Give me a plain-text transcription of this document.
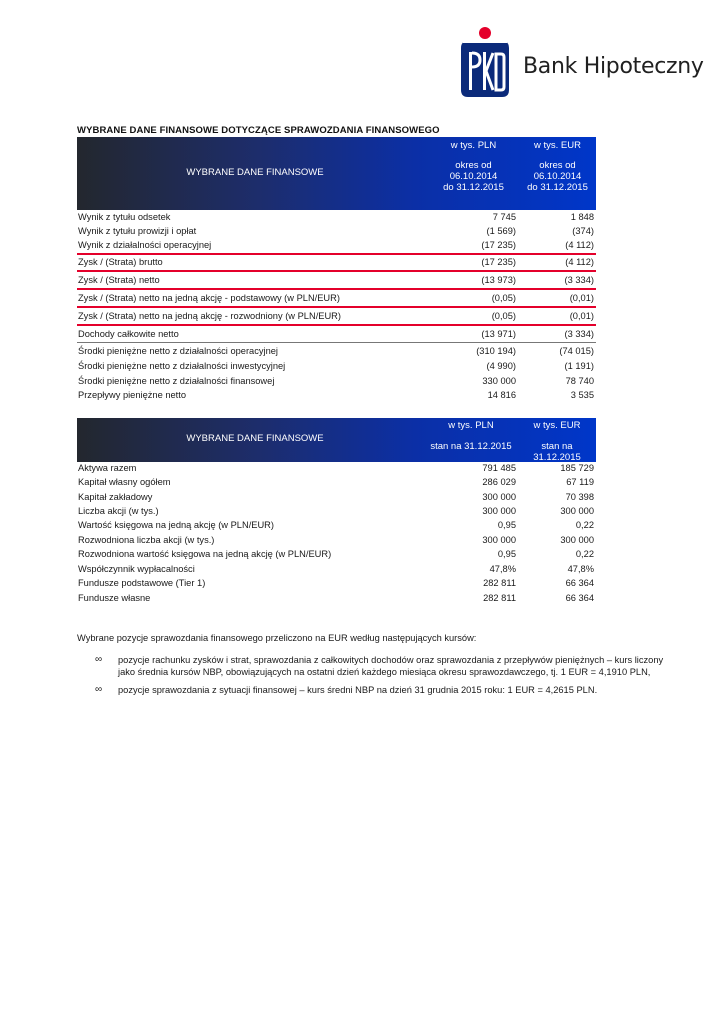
Bank Hipoteczny
WYBRANE DANE FINANSOWE DOTYCZĄCE SPRAWOZDANIA FINANSOWEGO
WYBRANE DANE FINANSOWE
w tys. PLN
okres od
06.10.2014
do 31.12.2015
w tys. EUR
okres od
06.10.2014
do 31.12.2015
Wynik z tytułu odsetek	7 745	1 848
Wynik z tytułu prowizji i opłat	(1 569)	(374)
Wynik z działalności operacyjnej	(17 235)	(4 112)
Zysk / (Strata) brutto	(17 235)	(4 112)
Zysk / (Strata) netto	(13 973)	(3 334)
Zysk / (Strata) netto na jedną akcję - podstawowy (w PLN/EUR)	(0,05)	(0,01)
Zysk / (Strata) netto na jedną akcję - rozwodniony (w PLN/EUR)	(0,05)	(0,01)
Dochody całkowite netto	(13 971)	(3 334)
Środki pieniężne netto z działalności operacyjnej	(310 194)	(74 015)
Środki pieniężne netto z działalności inwestycyjnej	(4 990)	(1 191)
Środki pieniężne netto z działalności finansowej	330 000	78 740
Przepływy pieniężne netto	14 816	3 535
WYBRANE DANE FINANSOWE
w tys. PLN
stan na 31.12.2015
w tys. EUR
stan na 31.12.2015
Aktywa razem	791 485	185 729
Kapitał własny ogółem	286 029	67 119
Kapitał zakładowy	300 000	70 398
Liczba akcji (w tys.)	300 000	300 000
Wartość księgowa na jedną akcję (w PLN/EUR)	0,95	0,22
Rozwodniona liczba akcji (w tys.)	300 000	300 000
Rozwodniona wartość księgowa na jedną akcję (w PLN/EUR)	0,95	0,22
Współczynnik wypłacalności	47,8%	47,8%
Fundusze podstawowe (Tier 1)	282 811	66 364
Fundusze własne	282 811	66 364

Wybrane pozycje sprawozdania finansowego przeliczono na EUR według następujących kursów:

∞ pozycje rachunku zysków i strat, sprawozdania z całkowitych dochodów oraz sprawozdania z przepływów pieniężnych – kurs liczony jako średnia kursów NBP, obowiązujących na ostatni dzień każdego miesiąca okresu sprawozdawczego, tj. 1 EUR = 4,1910 PLN,
∞ pozycje sprawozdania z sytuacji finansowej – kurs średni NBP na dzień 31 grudnia 2015 roku: 1 EUR = 4,2615 PLN.
